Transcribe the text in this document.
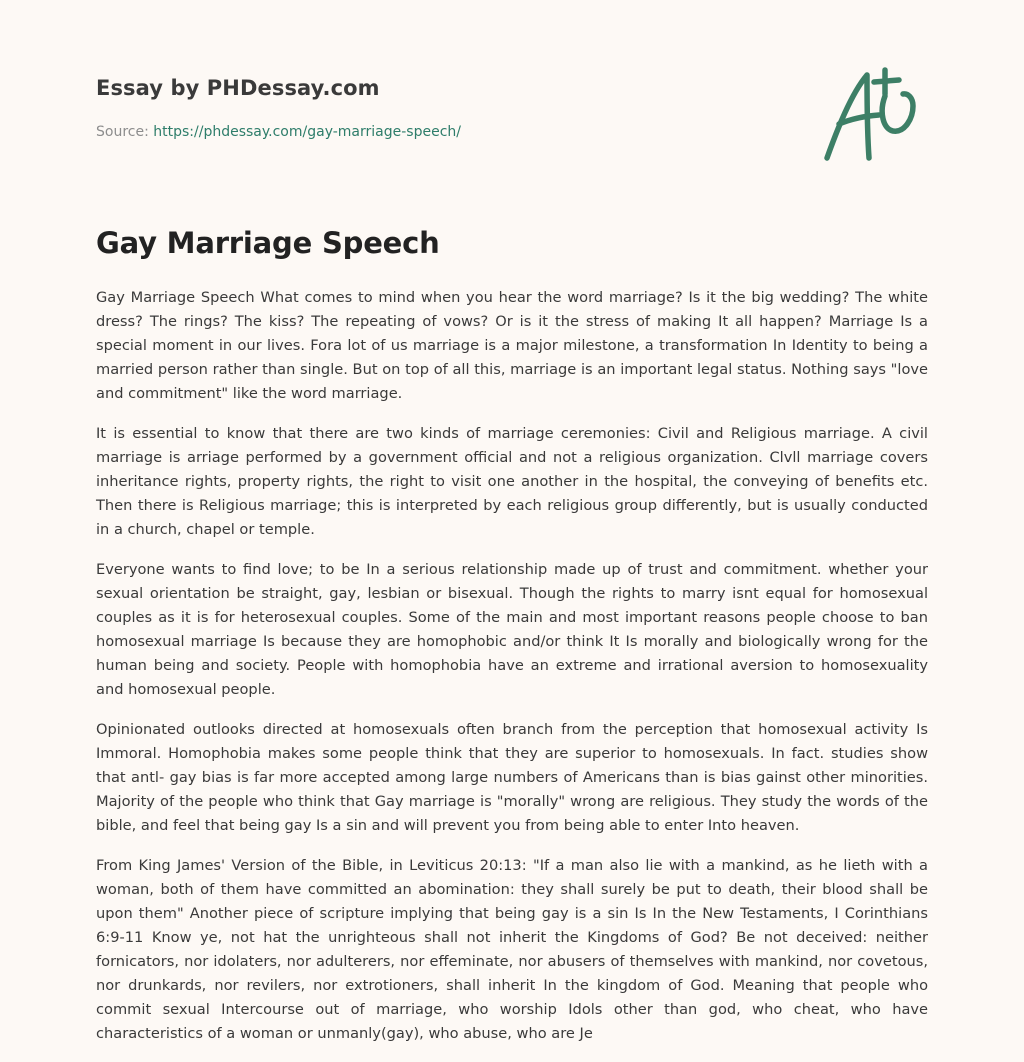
Essay by PHDessay.com
Source: https://phdessay.com/gay-marriage-speech/
Gay Marriage Speech

Gay Marriage Speech What comes to mind when you hear the word marriage? Is it the big wedding? The white dress? The rings? The kiss? The repeating of vows? Or is it the stress of making It all happen? Marriage Is a special moment in our lives. Fora lot of us marriage is a major milestone, a transformation In Identity to being a married person rather than single. But on top of all this, marriage is an important legal status. Nothing says "love and commitment" like the word marriage.

It is essential to know that there are two kinds of marriage ceremonies: Civil and Religious marriage. A civil marriage is arriage performed by a government official and not a religious organization. Clvll marriage covers inheritance rights, property rights, the right to visit one another in the hospital, the conveying of benefits etc. Then there is Religious marriage; this is interpreted by each religious group differently, but is usually conducted in a church, chapel or temple.

Everyone wants to find love; to be In a serious relationship made up of trust and commitment. whether your sexual orientation be straight, gay, lesbian or bisexual. Though the rights to marry isnt equal for homosexual couples as it is for heterosexual couples. Some of the main and most important reasons people choose to ban homosexual marriage Is because they are homophobic and/or think It Is morally and biologically wrong for the human being and society. People with homophobia have an extreme and irrational aversion to homosexuality and homosexual people.

Opinionated outlooks directed at homosexuals often branch from the perception that homosexual activity Is Immoral. Homophobia makes some people think that they are superior to homosexuals. In fact. studies show that antl- gay bias is far more accepted among large numbers of Americans than is bias gainst other minorities. Majority of the people who think that Gay marriage is "morally" wrong are religious. They study the words of the bible, and feel that being gay Is a sin and will prevent you from being able to enter Into heaven.

From King James' Version of the Bible, in Leviticus 20:13: "If a man also lie with a mankind, as he lieth with a woman, both of them have committed an abomination: they shall surely be put to death, their blood shall be upon them" Another piece of scripture implying that being gay is a sin Is In the New Testaments, I Corinthians 6:9-11 Know ye, not hat the unrighteous shall not inherit the Kingdoms of God? Be not deceived: neither fornicators, nor idolaters, nor adulterers, nor effeminate, nor abusers of themselves with mankind, nor covetous, nor drunkards, nor revilers, nor extrotioners, shall inherit In the kingdom of God. Meaning that people who commit sexual Intercourse out of marriage, who worship Idols other than god, who cheat, who have characteristics of a woman or unmanly(gay), who abuse, who are Je
